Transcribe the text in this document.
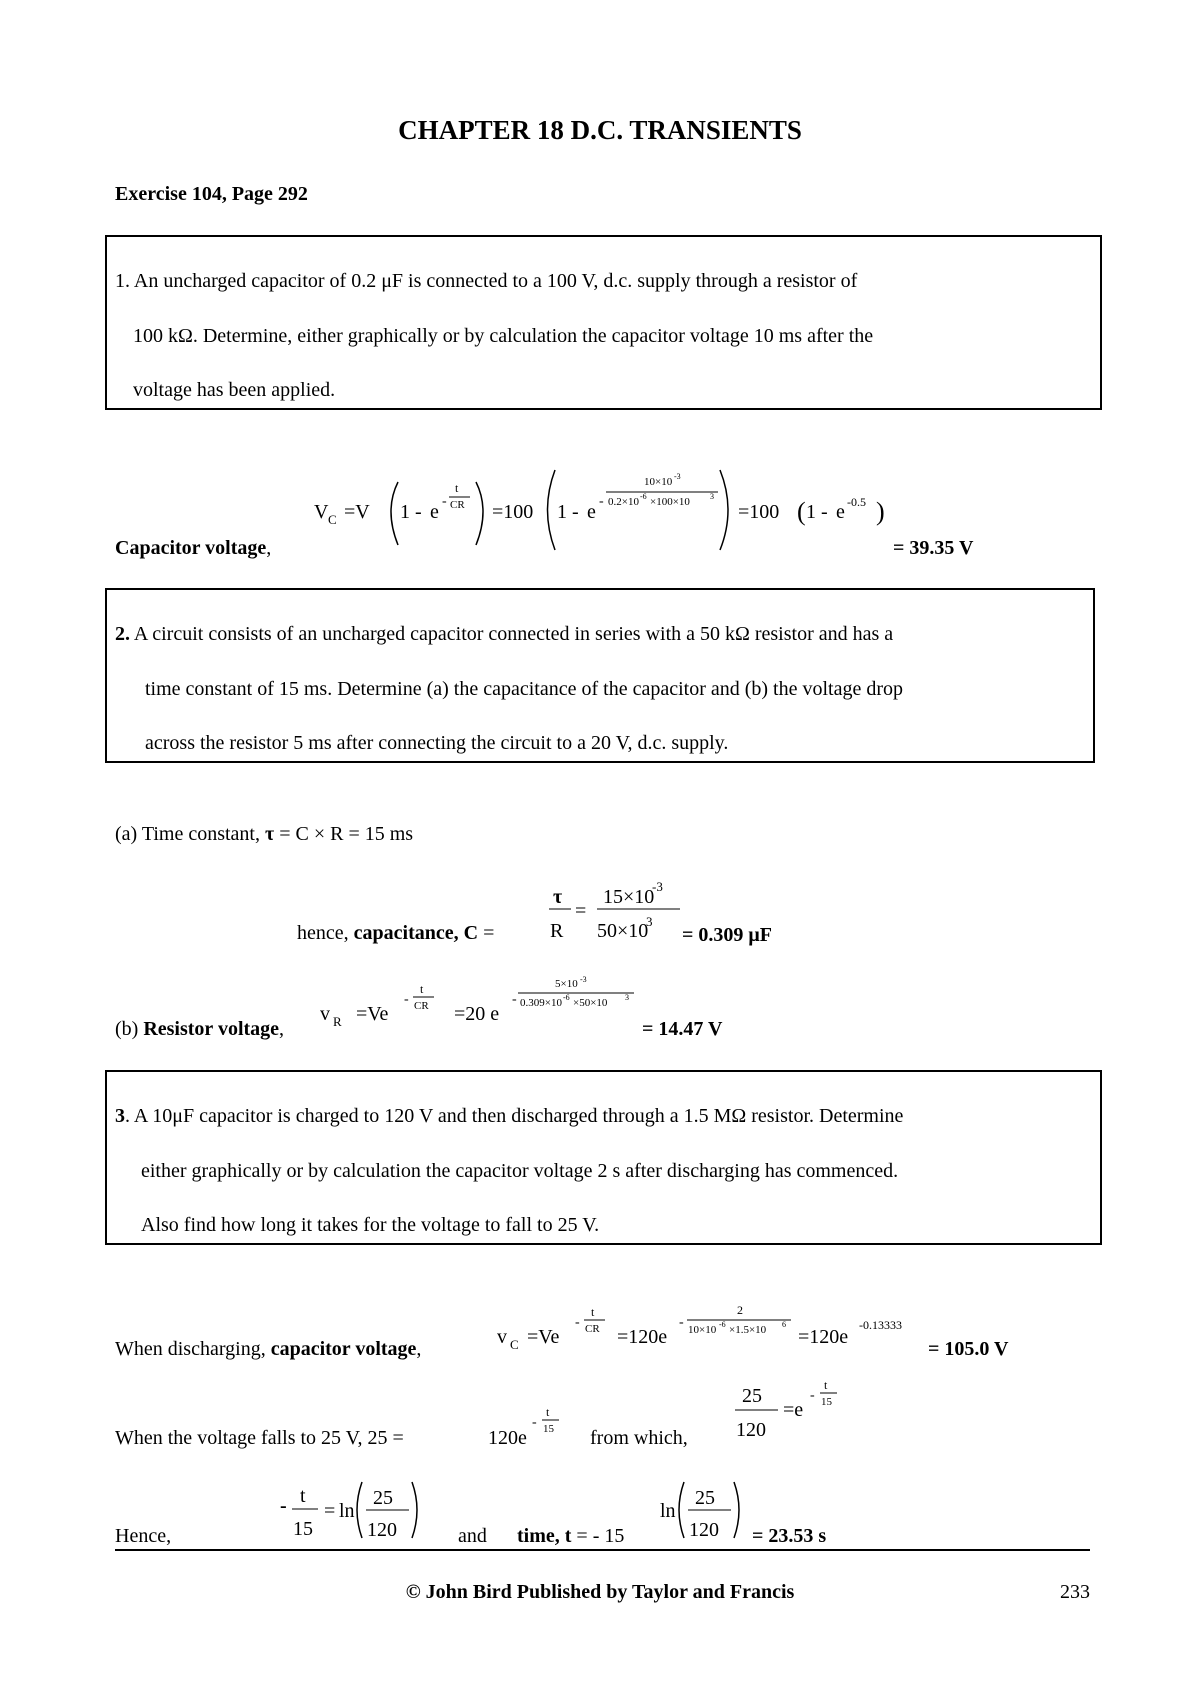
CHAPTER 18 D.C. TRANSIENTS
Exercise 104, Page 292
1. An uncharged capacitor of 0.2 μF is connected to a 100 V, d.c. supply through a resistor of
100 kΩ. Determine, either graphically or by calculation the capacitor voltage 10 ms after the
voltage has been applied.
V C =V 1 - e -
t
CR =100 1 - e -
10×10 -3
0.2×10 -6 ×100×10	3
=100 ( 1 - e -0.5 )
Capacitor voltage,	= 39.35 V
2. A circuit consists of an uncharged capacitor connected in series with a 50 kΩ resistor and has a
time constant of 15 ms. Determine (a) the capacitance of the capacitor and (b) the voltage drop
across the resistor 5 ms after connecting the circuit to a 20 V, d.c. supply.
(a) Time constant, τ = C × R = 15 ms
hence, capacitance, C =
τ
R
=
15×10
-3
50×10
3
= 0.309 μF
(b) Resistor voltage,
v R =Ve
-
t
CR =20 e
-
5×10 -3
0.309×10 -6 ×50×10 3
= 14.47 V
3. A 10μF capacitor is charged to 120 V and then discharged through a 1.5 MΩ resistor. Determine
either graphically or by calculation the capacitor voltage 2 s after discharging has commenced.
Also find how long it takes for the voltage to fall to 25 V.
When discharging, capacitor voltage,
v C =Ve
-
t
CR =120e
-
2
10×10 -6 ×1.5×10 6
=120e
-0.13333
= 105.0 V
When the voltage falls to 25 V, 25 =	120e
-
t
15 from which,
25
120
=e
-
t
15
Hence,
- t
15
= ln
25
120	and time, t = - 15
ln
25
120 = 23.53 s
© John Bird Published by Taylor and Francis	233
